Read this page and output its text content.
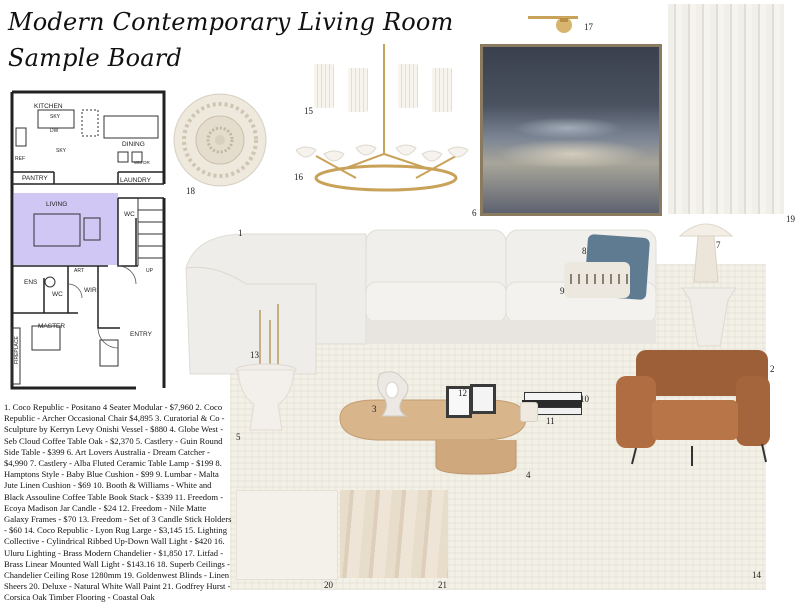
Modern Contemporary Living Room
Sample Board
KITCHEN
SKY
DW
SKY
REF
DINING
PANTRY
WM DR
LAUNDRY
LIVING
WC
UP
ART
ENS
WC
WIR
MASTER
ENTRY
FIREPLACE
18
15
17
16
6
19
14
1
8
9
7
2
13
5
4
3
12
10
11
20	21
1. Coco Republic - Positano 4 Seater Modular - $7,960 2. Coco Republic - Archer Occasional Chair $4,895 3. Curatorial & Co - Sculpture by Kerryn Levy Onishi Vessel - $880 4. Globe West - Seb Cloud Coffee Table Oak - $2,370 5. Castlery - Guin Round Side Table - $399 6. Art Lovers Australia - Dream Catcher - $4,990 7. Castlery - Alba Fluted Ceramic Table Lamp - $199 8. Hamptons Style - Baby Blue Cushion - $99 9. Lumbar - Malta Jute Linen Cushion - $69 10. Booth & Williams - White and Black Assouline Coffee Table Book Stack - $339 11. Freedom - Ecoya Madison Jar Candle - $24 12. Freedom - Nile Matte Galaxy Frames - $70 13. Freedom - Set of 3 Candle Stick Holders - $60 14. Coco Republic - Lyon Rug Large - $3,145 15. Lighting Collective - Cylindrical Ribbed Up-Down Wall Light - $420 16. Uluru Lighting - Brass Modern Chandelier - $1,850 17. Litfad - Brass Linear Mounted Wall Light - $143.16 18. Superb Ceilings - Chandelier Ceiling Rose 1280mm 19. Goldenwest Blinds - Linen Sheers 20. Deluxe - Natural White Wall Paint 21. Godfrey Hurst - Corsica Oak Timber Flooring - Coastal Oak
